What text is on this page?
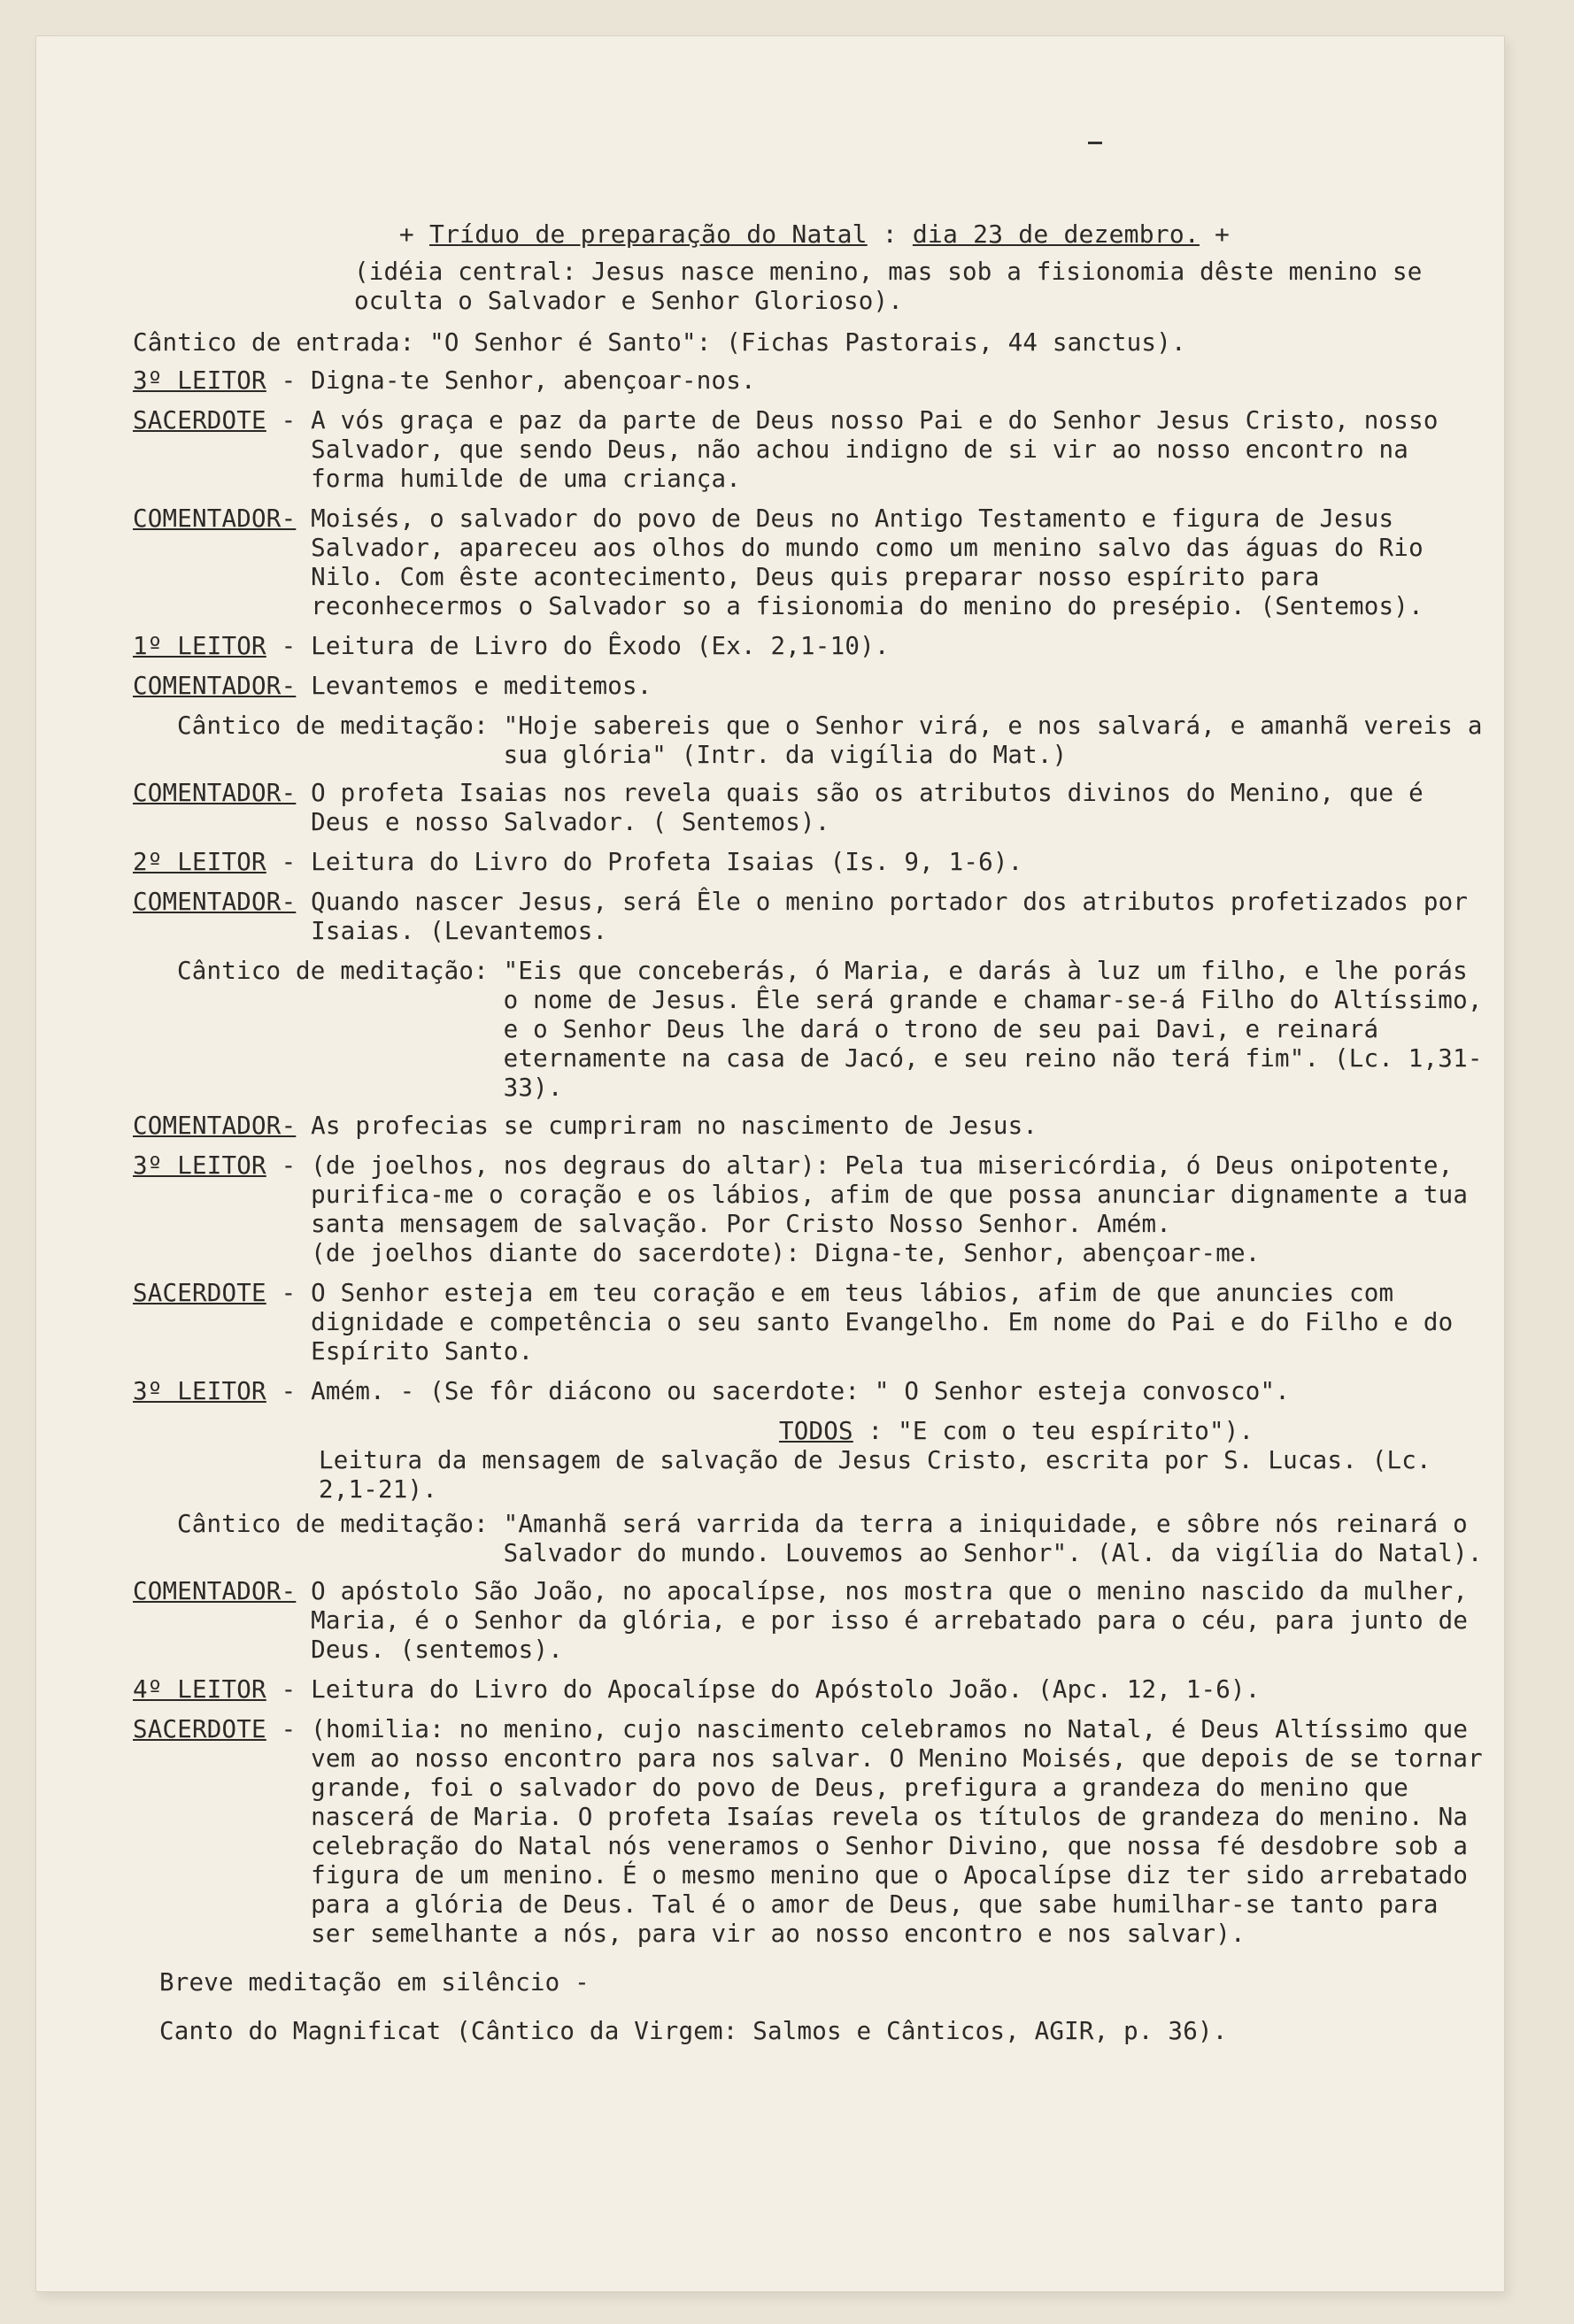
+ Tríduo de preparação do Natal : dia 23 de dezembro. +
(idéia central: Jesus nasce menino, mas sob a fisionomia dêste menino se oculta o Salvador e Senhor Glorioso).
Cântico de entrada: "O Senhor é Santo": (Fichas Pastorais, 44 sanctus).
3º LEITOR - Digna-te Senhor, abençoar-nos.
SACERDOTE - A vós graça e paz da parte de Deus nosso Pai e do Senhor Jesus Cristo, nosso Salvador, que sendo Deus, não achou indigno de si vir ao nosso encontro na forma humilde de uma criança.
COMENTADOR- Moisés, o salvador do povo de Deus no Antigo Testamento e figura de Jesus Salvador, apareceu aos olhos do mundo como um menino salvo das águas do Rio Nilo. Com êste acontecimento, Deus quis preparar nosso espírito para reconhecermos o Salvador so a fisionomia do menino do presépio. (Sentemos).
1º LEITOR - Leitura de Livro do Êxodo (Ex. 2,1-10).
COMENTADOR- Levantemos e meditemos.
Cântico de meditação: "Hoje sabereis que o Senhor virá, e nos salvará, e amanhã vereis a sua glória" (Intr. da vigília do Mat.)
COMENTADOR- O profeta Isaias nos revela quais são os atributos divinos do Menino, que é Deus e nosso Salvador. ( Sentemos).
2º LEITOR - Leitura do Livro do Profeta Isaias (Is. 9, 1-6).
COMENTADOR- Quando nascer Jesus, será Êle o menino portador dos atributos profetizados por Isaias. (Levantemos.
Cântico de meditação: "Eis que conceberás, ó Maria, e darás à luz um filho, e lhe porás o nome de Jesus. Êle será grande e chamar-se-á Filho do Altíssimo, e o Senhor Deus lhe dará o trono de seu pai Davi, e reinará eternamente na casa de Jacó, e seu reino não terá fim". (Lc. 1,31-33).
COMENTADOR- As profecias se cumpriram no nascimento de Jesus.
3º LEITOR - (de joelhos, nos degraus do altar): Pela tua misericórdia, ó Deus onipotente, purifica-me o coração e os lábios, afim de que possa anunciar dignamente a tua santa mensagem de salvação. Por Cristo Nosso Senhor. Amém.
(de joelhos diante do sacerdote): Digna-te, Senhor, abençoar-me.
SACERDOTE - O Senhor esteja em teu coração e em teus lábios, afim de que anuncies com dignidade e competência o seu santo Evangelho. Em nome do Pai e do Filho e do Espírito Santo.
3º LEITOR - Amém. - (Se fôr diácono ou sacerdote: " O Senhor esteja convosco".
TODOS : "E com o teu espírito").
Leitura da mensagem de salvação de Jesus Cristo, escrita por S. Lucas. (Lc. 2,1-21).
Cântico de meditação: "Amanhã será varrida da terra a iniquidade, e sôbre nós reinará o Salvador do mundo. Louvemos ao Senhor". (Al. da vigília do Natal).
COMENTADOR- O apóstolo São João, no apocalípse, nos mostra que o menino nascido da mulher, Maria, é o Senhor da glória, e por isso é arrebatado para o céu, para junto de Deus. (sentemos).
4º LEITOR - Leitura do Livro do Apocalípse do Apóstolo João. (Apc. 12, 1-6).
SACERDOTE - (homilia: no menino, cujo nascimento celebramos no Natal, é Deus Altíssimo que vem ao nosso encontro para nos salvar. O Menino Moisés, que depois de se tornar grande, foi o salvador do povo de Deus, prefigura a grandeza do menino que nascerá de Maria. O profeta Isaías revela os títulos de grandeza do menino. Na celebração do Natal nós veneramos o Senhor Divino, que nossa fé desdobre sob a figura de um menino. É o mesmo menino que o Apocalípse diz ter sido arrebatado para a glória de Deus. Tal é o amor de Deus, que sabe humilhar-se tanto para ser semelhante a nós, para vir ao nosso encontro e nos salvar).
Breve meditação em silêncio -
Canto do Magnificat (Cântico da Virgem: Salmos e Cânticos, AGIR, p. 36).
